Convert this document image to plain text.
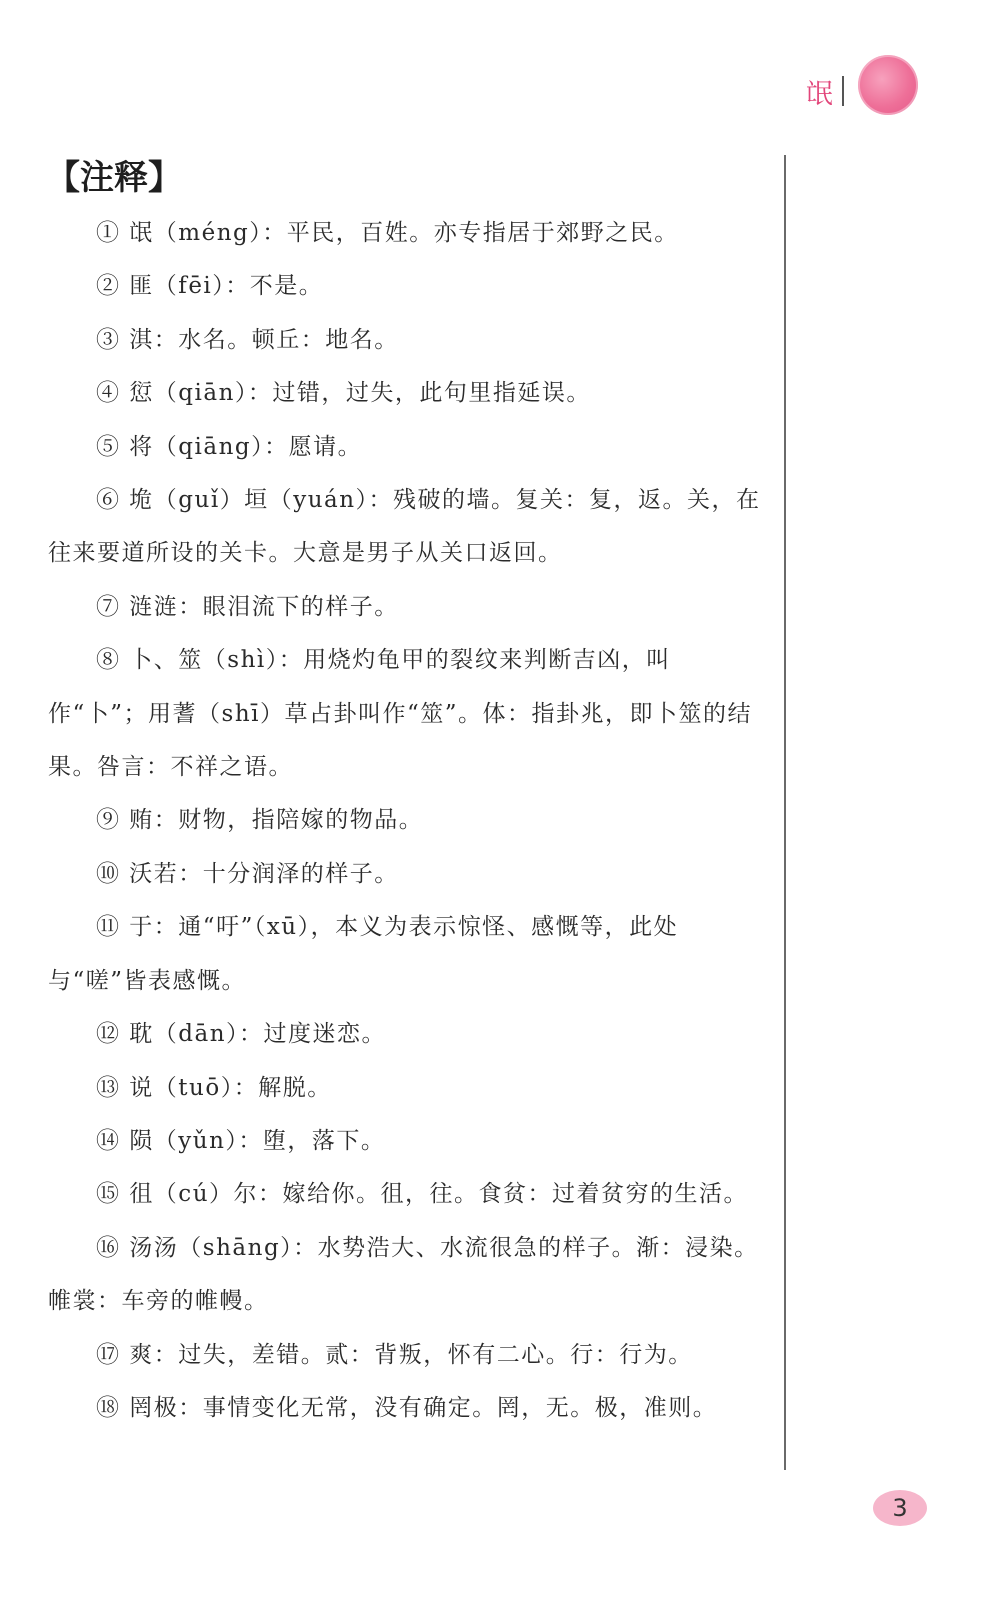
氓
【注释】

① 氓（méng）：平民，百姓。亦专指居于郊野之民。

② 匪（fēi）：不是。

③ 淇：水名。顿丘：地名。

④ 愆（qiān）：过错，过失，此句里指延误。

⑤ 将（qiāng）：愿请。

⑥ 垝（guǐ）垣（yuán）：残破的墙。复关：复，返。关，在往来要道所设的关卡。大意是男子从关口返回。

⑦ 涟涟：眼泪流下的样子。

⑧ 卜、筮（shì）：用烧灼龟甲的裂纹来判断吉凶，叫作“卜”；用蓍（shī）草占卦叫作“筮”。体：指卦兆，即卜筮的结果。咎言：不祥之语。

⑨ 贿：财物，指陪嫁的物品。

⑩ 沃若：十分润泽的样子。

⑪ 于：通“吁”（xū），本义为表示惊怪、感慨等，此处与“嗟”皆表感慨。

⑫ 耽（dān）：过度迷恋。

⑬ 说（tuō）：解脱。

⑭ 陨（yǔn）：堕，落下。

⑮ 徂（cú）尔：嫁给你。徂，往。食贫：过着贫穷的生活。

⑯ 汤汤（shāng）：水势浩大、水流很急的样子。渐：浸染。帷裳：车旁的帷幔。

⑰ 爽：过失，差错。贰：背叛，怀有二心。行：行为。

⑱ 罔极：事情变化无常，没有确定。罔，无。极，准则。

3
